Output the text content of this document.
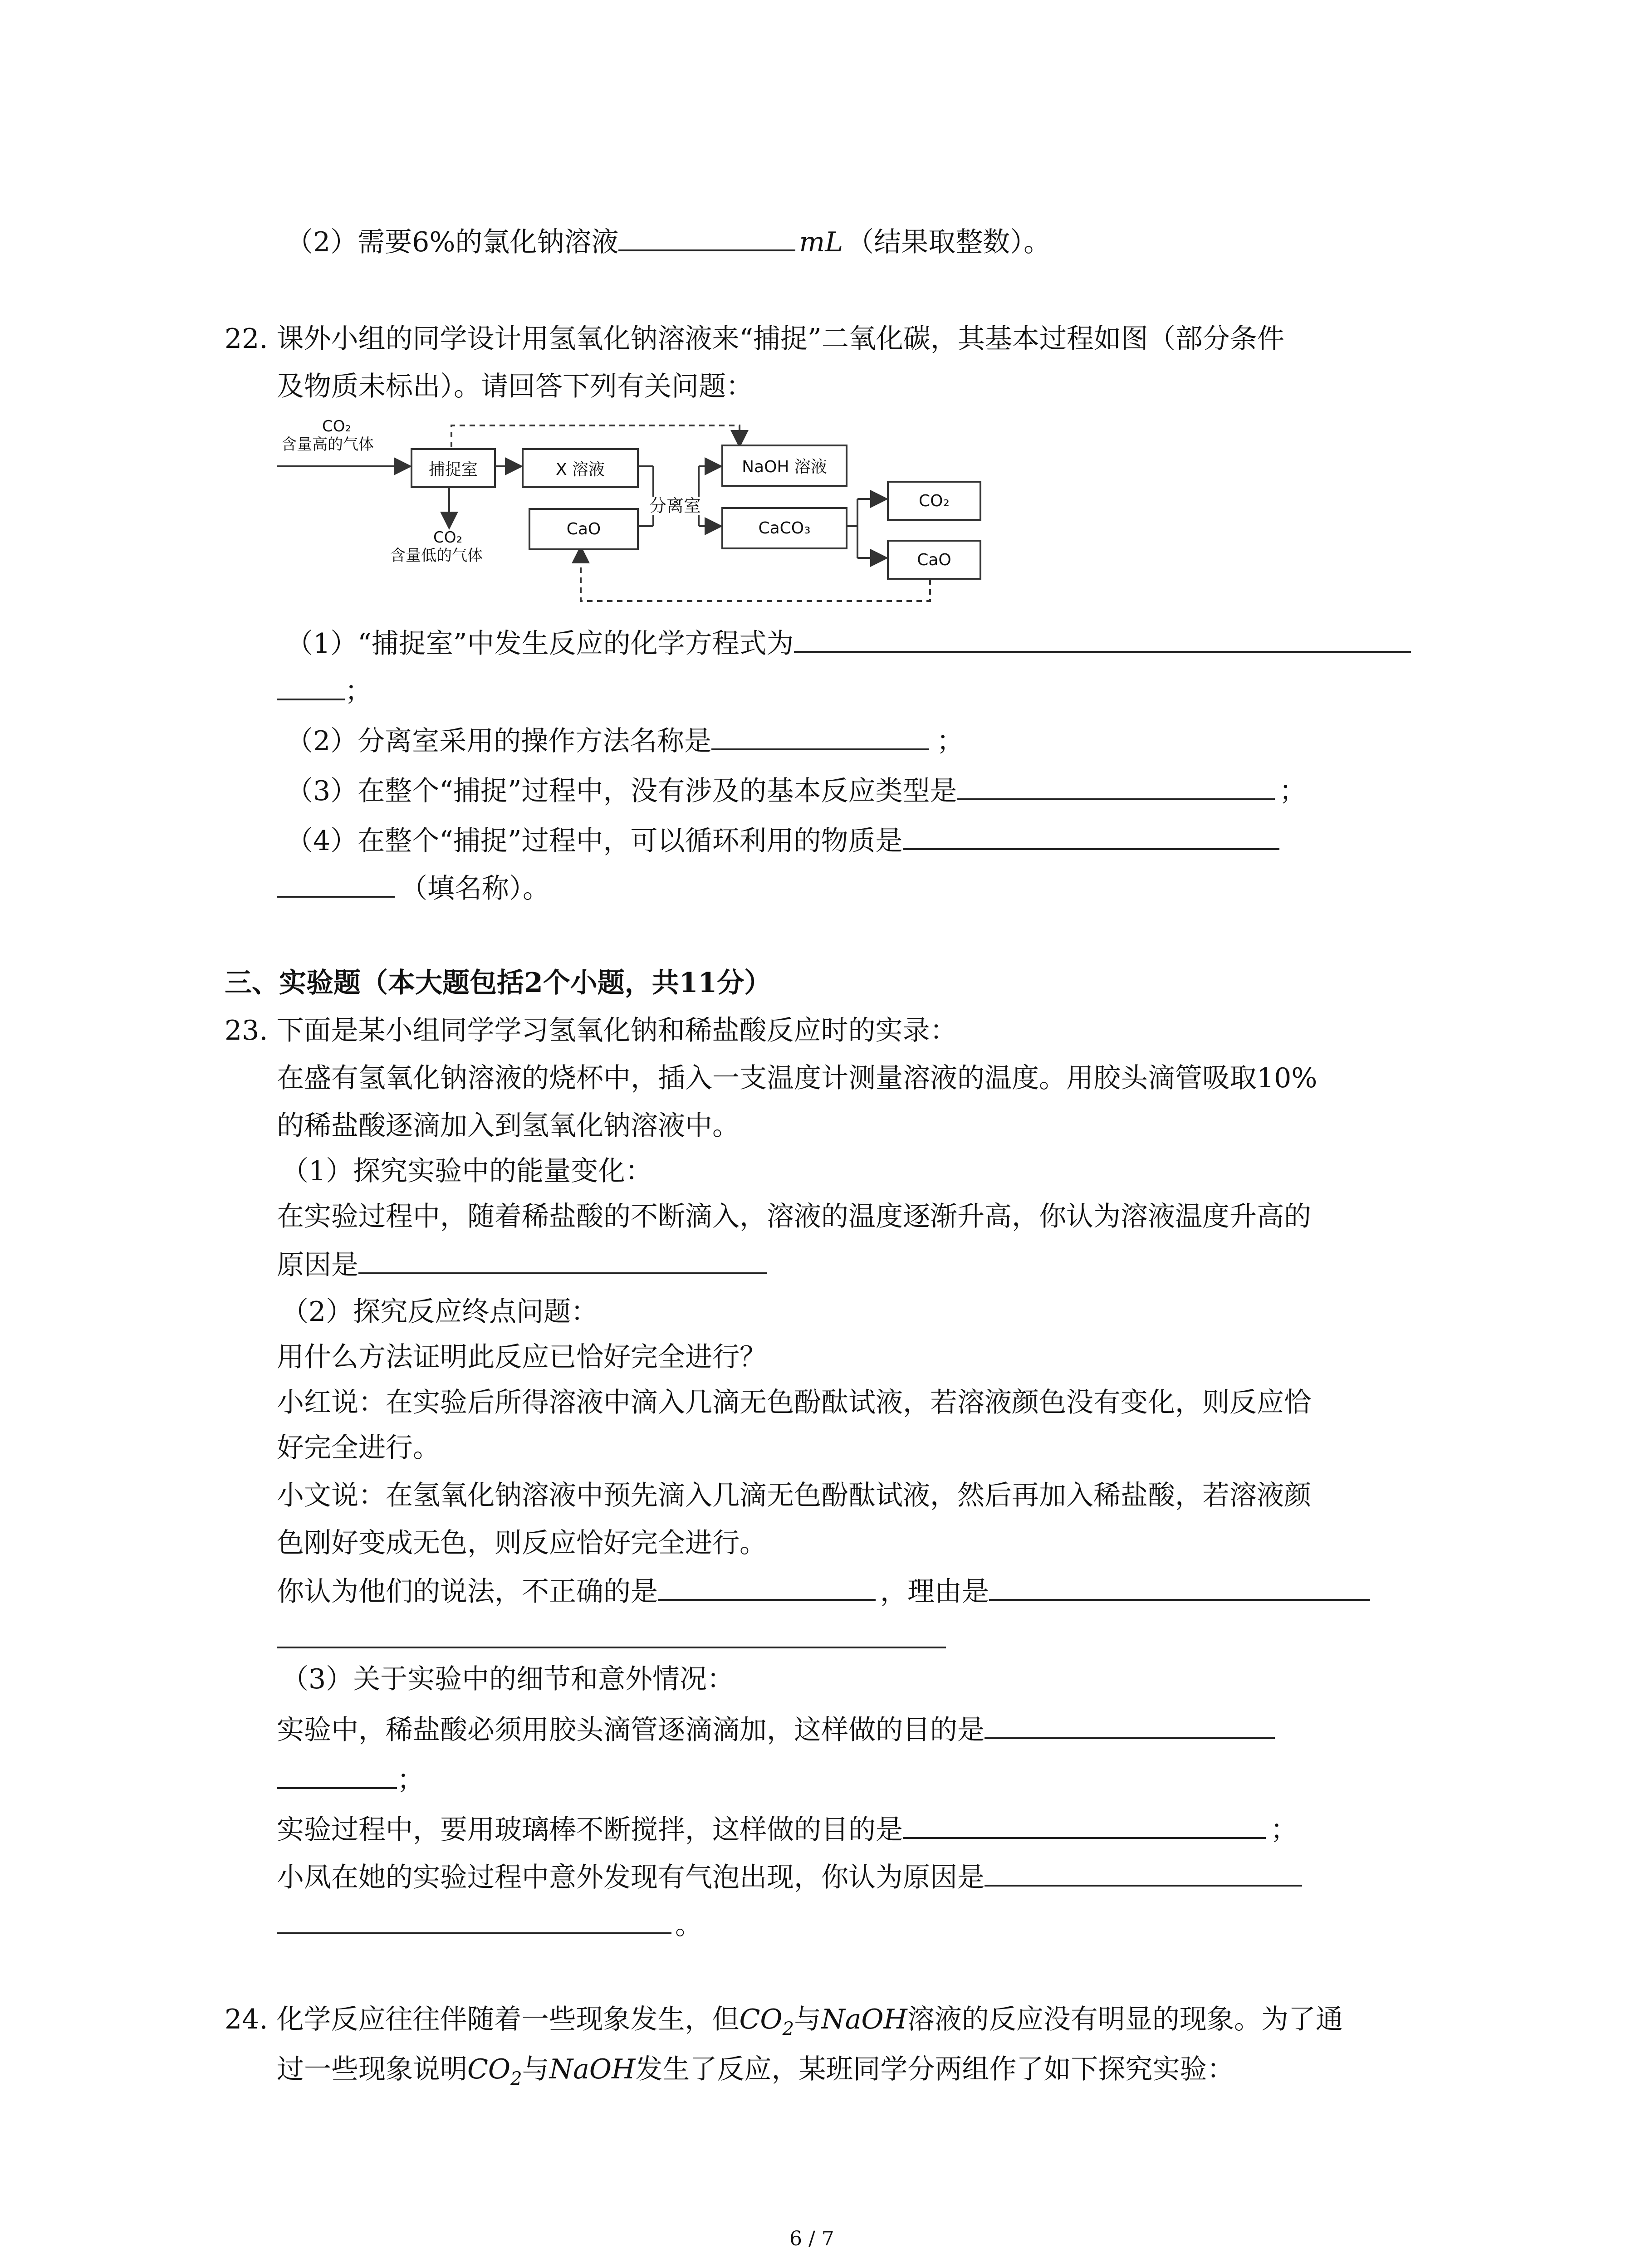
（2）需要6%的氯化钠溶液	mL （结果取整数）。
22. 课外小组的同学设计用氢氧化钠溶液来“捕捉”二氧化碳，其基本过程如图（部分条件
及物质未标出）。请回答下列有关问题：
CO₂
含量高的气体
捕捉室	X 溶液
CaO
分离室
NaOH 溶液
CaCO₃
CO₂
CaO
CO₂
含量低的气体
（1）“捕捉室”中发生反应的化学方程式为
；
（2）分离室采用的操作方法名称是	；
（3）在整个“捕捉”过程中，没有涉及的基本反应类型是	；
（4）在整个“捕捉”过程中，可以循环利用的物质是
（填名称）。
三、实验题（本大题包括2个小题，共11分）
23. 下面是某小组同学学习氢氧化钠和稀盐酸反应时的实录：
在盛有氢氧化钠溶液的烧杯中，插入一支温度计测量溶液的温度。用胶头滴管吸取10%
的稀盐酸逐滴加入到氢氧化钠溶液中。
（1）探究实验中的能量变化：
在实验过程中，随着稀盐酸的不断滴入，溶液的温度逐渐升高，你认为溶液温度升高的
原因是
（2）探究反应终点问题：
用什么方法证明此反应已恰好完全进行？
小红说：在实验后所得溶液中滴入几滴无色酚酞试液，若溶液颜色没有变化，则反应恰
好完全进行。
小文说：在氢氧化钠溶液中预先滴入几滴无色酚酞试液，然后再加入稀盐酸，若溶液颜
色刚好变成无色，则反应恰好完全进行。
你认为他们的说法，不正确的是	，理由是
（3）关于实验中的细节和意外情况：
实验中，稀盐酸必须用胶头滴管逐滴滴加，这样做的目的是
；
实验过程中，要用玻璃棒不断搅拌，这样做的目的是	；
小凤在她的实验过程中意外发现有气泡出现，你认为原因是
。
24. 化学反应往往伴随着一些现象发生，但$CO_2$与NaOH溶液的反应没有明显的现象。为了通
过一些现象说明$CO_2$与NaOH发生了反应，某班同学分两组作了如下探究实验：
6 / 7
